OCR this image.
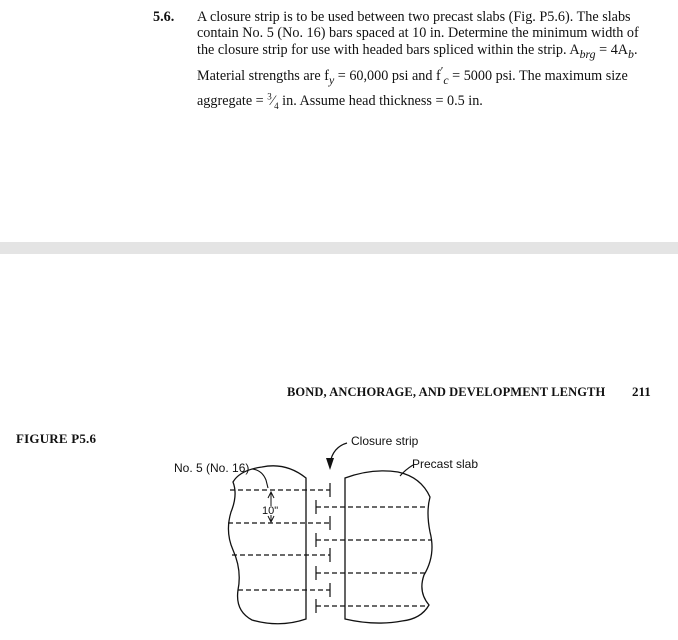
5.6. A closure strip is to be used between two precast slabs (Fig. P5.6). The slabs
contain No. 5 (No. 16) bars spaced at 10 in. Determine the minimum width of
the closure strip for use with headed bars spliced within the strip. $A_{brg} = 4A_b$.
Material strengths are $f_y = 60,000$ psi and $f'_c = 5000$ psi. The maximum size
aggregate = $^3⁄_4$ in. Assume head thickness = 0.5 in.
BOND, ANCHORAGE, AND DEVELOPMENT LENGTH 211
FIGURE P5.6	Closure strip
Precast slab
No. 5 (No. 16)
10"
